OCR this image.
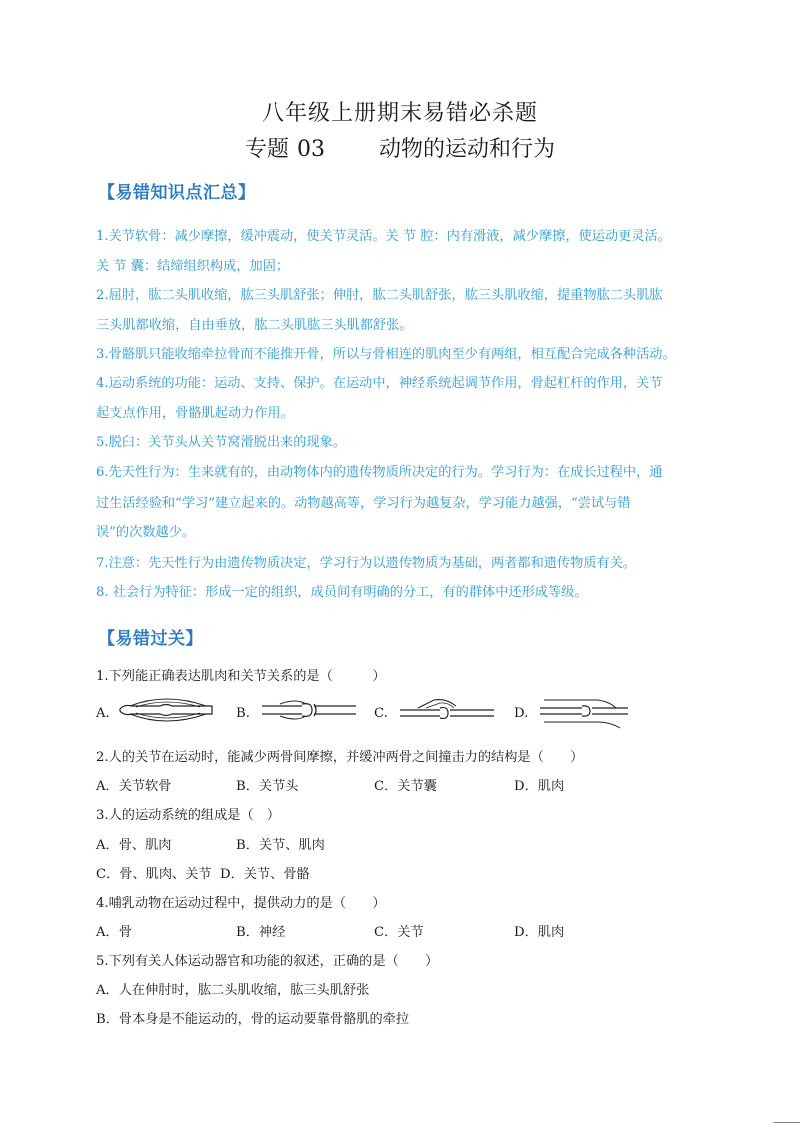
八年级上册期末易错必杀题
专题 03 动物的运动和行为
【易错知识点汇总】
1.关节软骨：减少摩擦，缓冲震动，使关节灵活。关 节 腔：内有滑液，减少摩擦，使运动更灵活。
关 节 囊：结缔组织构成，加固；
2.屈肘，肱二头肌收缩，肱三头肌舒张；伸肘，肱二头肌舒张，肱三头肌收缩，提重物肱二头肌肱
三头肌都收缩，自由垂放，肱二头肌肱三头肌都舒张。
3.骨骼肌只能收缩牵拉骨而不能推开骨，所以与骨相连的肌肉至少有两组，相互配合完成各种活动。
4.运动系统的功能：运动、支持、保护。在运动中，神经系统起调节作用，骨起杠杆的作用，关节
起支点作用，骨骼肌起动力作用。
5.脱臼：关节头从关节窝滑脱出来的现象。
6.先天性行为：生来就有的，由动物体内的遗传物质所决定的行为。学习行为：在成长过程中，通
过生活经验和“学习”建立起来的。动物越高等，学习行为越复杂，学习能力越强，“尝试与错
误”的次数越少。
7.注意：先天性行为由遗传物质决定，学习行为以遗传物质为基础，两者都和遗传物质有关。
8. 社会行为特征：形成一定的组织，成员间有明确的分工，有的群体中还形成等级。
【易错过关】
1.下列能正确表达肌肉和关节关系的是（　　　）
A.	B.	C.	D.
2.人的关节在运动时，能减少两骨间摩擦，并缓冲两骨之间撞击力的结构是（　　）
A．关节软骨	B．关节头	C．关节囊	D．肌肉
3.人的运动系统的组成是（　）
A．骨、肌肉	B．关节、肌肉
C．骨、肌肉、关节 D．关节、骨骼
4.哺乳动物在运动过程中，提供动力的是（　　）
A．骨	B．神经	C．关节	D．肌肉
5.下列有关人体运动器官和功能的叙述，正确的是（　　）
A．人在伸肘时，肱二头肌收缩，肱三头肌舒张
B．骨本身是不能运动的，骨的运动要靠骨骼肌的牵拉
———
